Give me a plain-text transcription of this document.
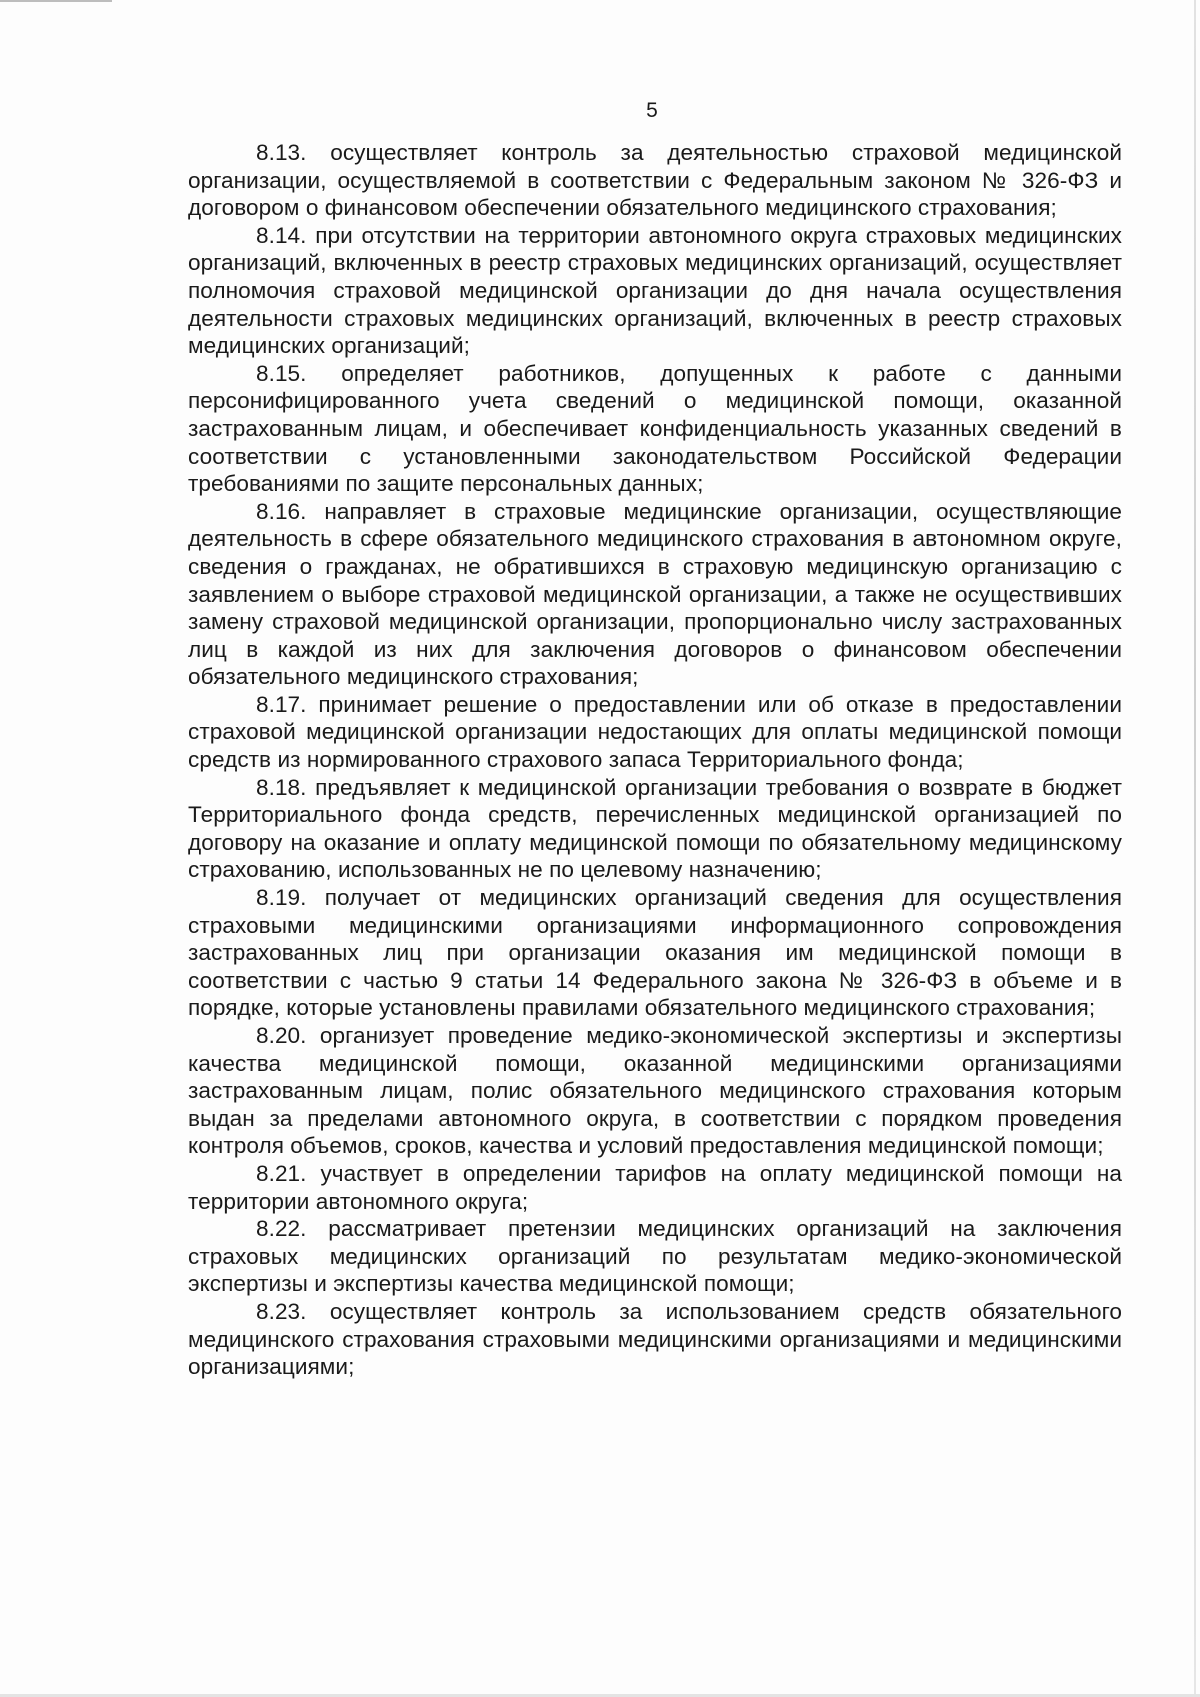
5

8.13. осуществляет контроль за деятельностью страховой медицинской организации, осуществляемой в соответствии с Федеральным законом № 326-ФЗ и договором о финансовом обеспечении обязательного медицинского страхования;

8.14. при отсутствии на территории автономного округа страховых медицинских организаций, включенных в реестр страховых медицинских организаций, осуществляет полномочия страховой медицинской организации до дня начала осуществления деятельности страховых медицинских организаций, включенных в реестр страховых медицинских организаций;

8.15. определяет работников, допущенных к работе с данными персонифицированного учета сведений о медицинской помощи, оказанной застрахованным лицам, и обеспечивает конфиденциальность указанных сведений в соответствии с установленными законодательством Российской Федерации требованиями по защите персональных данных;

8.16. направляет в страховые медицинские организации, осуществляющие деятельность в сфере обязательного медицинского страхования в автономном округе, сведения о гражданах, не обратившихся в страховую медицинскую организацию с заявлением о выборе страховой медицинской организации, а также не осуществивших замену страховой медицинской организации, пропорционально числу застрахованных лиц в каждой из них для заключения договоров о финансовом обеспечении обязательного медицинского страхования;

8.17. принимает решение о предоставлении или об отказе в предоставлении страховой медицинской организации недостающих для оплаты медицинской помощи средств из нормированного страхового запаса Территориального фонда;

8.18. предъявляет к медицинской организации требования о возврате в бюджет Территориального фонда средств, перечисленных медицинской организацией по договору на оказание и оплату медицинской помощи по обязательному медицинскому страхованию, использованных не по целевому назначению;

8.19. получает от медицинских организаций сведения для осуществления страховыми медицинскими организациями информационного сопровождения застрахованных лиц при организации оказания им медицинской помощи в соответствии с частью 9 статьи 14 Федерального закона № 326-ФЗ в объеме и в порядке, которые установлены правилами обязательного медицинского страхования;

8.20. организует проведение медико-экономической экспертизы и экспертизы качества медицинской помощи, оказанной медицинскими организациями застрахованным лицам, полис обязательного медицинского страхования которым выдан за пределами автономного округа, в соответствии с порядком проведения контроля объемов, сроков, качества и условий предоставления медицинской помощи;

8.21. участвует в определении тарифов на оплату медицинской помощи на территории автономного округа;

8.22. рассматривает претензии медицинских организаций на заключения страховых медицинских организаций по результатам медико-экономической экспертизы и экспертизы качества медицинской помощи;

8.23. осуществляет контроль за использованием средств обязательного медицинского страхования страховыми медицинскими организациями и медицинскими организациями;
